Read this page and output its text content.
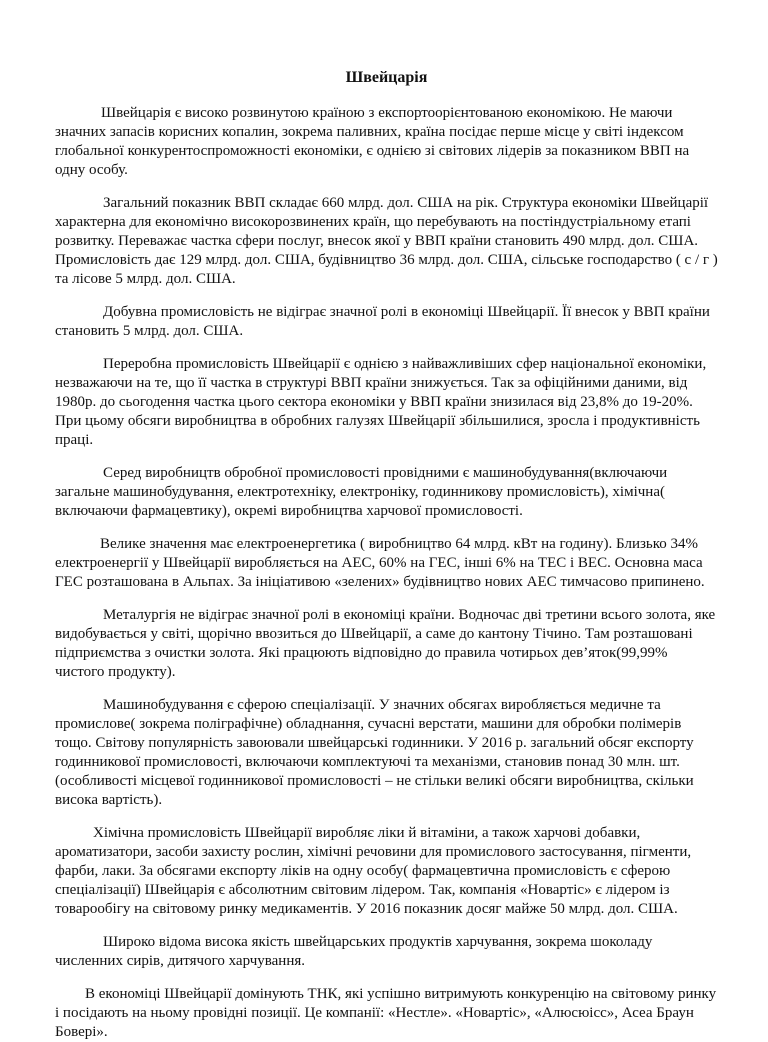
Швейцарія

Швейцарія є високо розвинутою країною з експортоорієнтованою економікою. Не маючи значних запасів корисних копалин, зокрема паливних, країна посідає перше місце у світі індексом глобальної конкурентоспроможності економіки, є однією зі світових лідерів за показником ВВП на одну особу.

Загальний показник ВВП складає 660 млрд. дол. США на рік. Структура економіки Швейцарії характерна для економічно високорозвинених країн, що перебувають на постіндустріальному етапі розвитку. Переважає частка сфери послуг, внесок якої у ВВП країни становить 490 млрд. дол. США. Промисловість дає 129 млрд. дол. США, будівництво 36 млрд. дол. США, сільське господарство ( с / г ) та лісове 5 млрд. дол. США.

Добувна промисловість не відіграє значної ролі в економіці Швейцарії. Її внесок у ВВП країни становить 5 млрд. дол. США.

Переробна промисловість Швейцарії є однією з найважливіших сфер національної економіки, незважаючи на те, що її частка в структурі ВВП країни знижується. Так за офіційними даними, від 1980р. до сьогодення частка цього сектора економіки у ВВП країни знизилася від 23,8% до 19-20%. При цьому обсяги виробництва в обробних галузях Швейцарії збільшилися, зросла і продуктивність праці.

Серед виробництв обробної промисловості провідними є машинобудування(включаючи загальне машинобудування, електротехніку, електроніку, годинникову промисловість), хімічна( включаючи фармацевтику), окремі виробництва харчової промисловості.

Велике значення має електроенергетика ( виробництво 64 млрд. кВт на годину). Близько 34% електроенергії у Швейцарії виробляється на АЕС, 60% на ГЕС, інші 6% на ТЕС і ВЕС. Основна маса ГЕС розташована в Альпах. За ініціативою «зелених» будівництво нових АЕС тимчасово припинено.

Металургія не відіграє значної ролі в економіці країни. Водночас дві третини всього золота, яке видобувається у світі, щорічно ввозиться до Швейцарії, а саме до кантону Тічино. Там розташовані підприємства з очистки золота. Які працюють відповідно до правила чотирьох дев’яток(99,99% чистого продукту).

Машинобудування є сферою спеціалізації. У значних обсягах виробляється медичне та промислове( зокрема поліграфічне) обладнання, сучасні верстати, машини для обробки полімерів тощо. Світову популярність завоювали швейцарські годинники. У 2016 р. загальний обсяг експорту годинникової промисловості, включаючи комплектуючі та механізми, становив понад 30 млн. шт. (особливості місцевої годинникової промисловості – не стільки великі обсяги виробництва, скільки висока вартість).

Хімічна промисловість Швейцарії виробляє ліки й вітаміни, а також харчові добавки, ароматизатори, засоби захисту рослин, хімічні речовини для промислового застосування, пігменти, фарби, лаки. За обсягами експорту ліків на одну особу( фармацевтична промисловість є сферою спеціалізації) Швейцарія є абсолютним світовим лідером. Так, компанія «Новартіс» є лідером із товарообігу на світовому ринку медикаментів. У 2016 показник досяг майже 50 млрд. дол. США.

Широко відома висока якість швейцарських продуктів харчування, зокрема шоколаду численних сирів, дитячого харчування.

В економіці Швейцарії домінують ТНК, які успішно витримують конкуренцію на світовому ринку і посідають на ньому провідні позиції. Це компанії: «Нестле». «Новартіс», «Алюсюісс», Асеа Браун Бовері».
